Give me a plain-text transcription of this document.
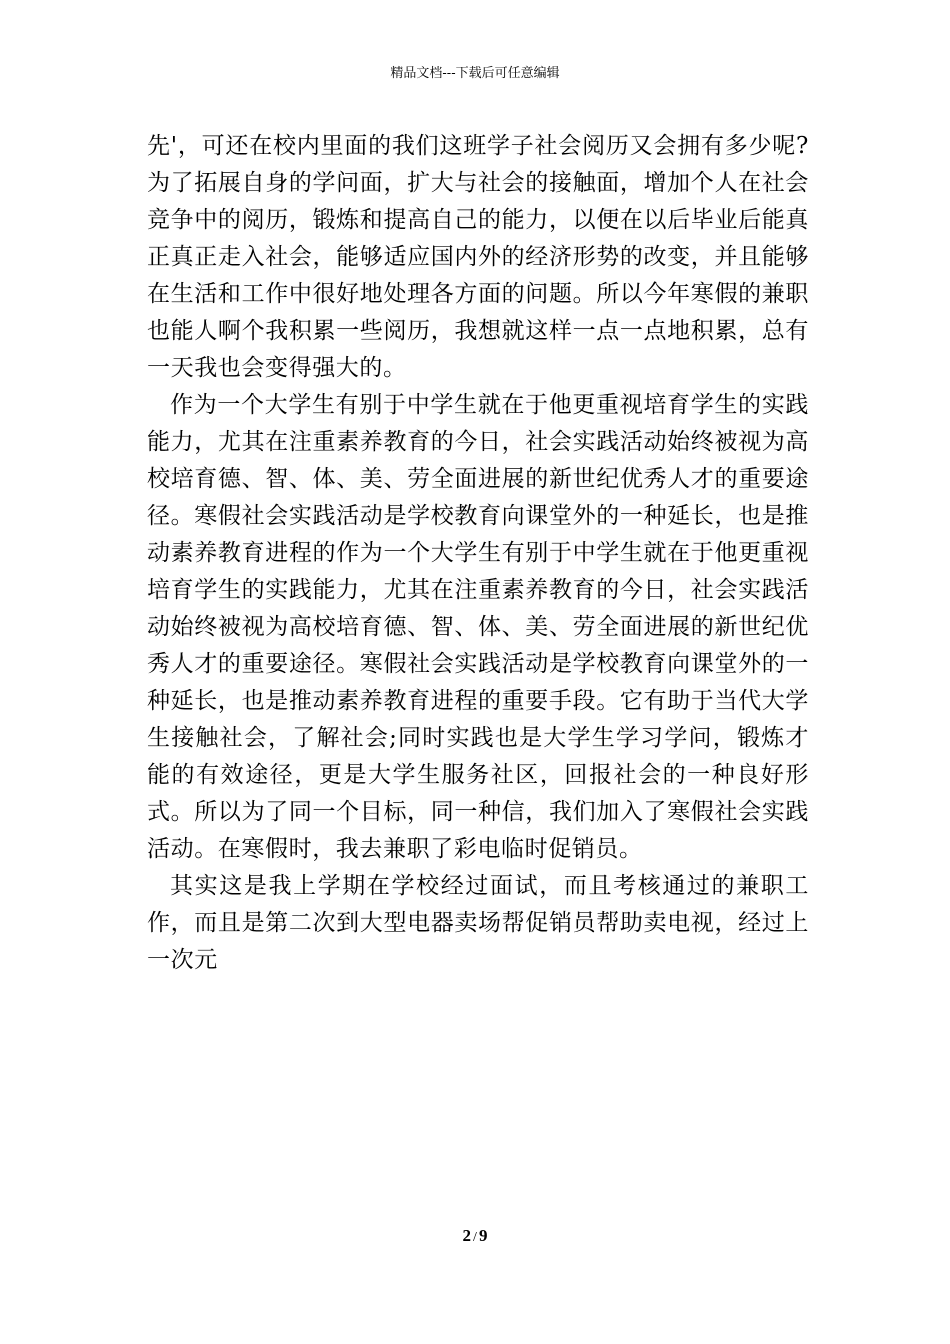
精品文档---下载后可任意编辑

先'，可还在校内里面的我们这班学子社会阅历又会拥有多少呢?为了拓展自身的学问面，扩大与社会的接触面，增加个人在社会竞争中的阅历，锻炼和提高自己的能力，以便在以后毕业后能真正真正走入社会，能够适应国内外的经济形势的改变，并且能够在生活和工作中很好地处理各方面的问题。所以今年寒假的兼职也能人啊个我积累一些阅历，我想就这样一点一点地积累，总有一天我也会变得强大的。

作为一个大学生有别于中学生就在于他更重视培育学生的实践能力，尤其在注重素养教育的今日，社会实践活动始终被视为高校培育德、智、体、美、劳全面进展的新世纪优秀人才的重要途径。寒假社会实践活动是学校教育向课堂外的一种延长，也是推动素养教育进程的作为一个大学生有别于中学生就在于他更重视培育学生的实践能力，尤其在注重素养教育的今日，社会实践活动始终被视为高校培育德、智、体、美、劳全面进展的新世纪优秀人才的重要途径。寒假社会实践活动是学校教育向课堂外的一种延长，也是推动素养教育进程的重要手段。它有助于当代大学生接触社会，了解社会;同时实践也是大学生学习学问，锻炼才能的有效途径，更是大学生服务社区，回报社会的一种良好形式。所以为了同一个目标，同一种信，我们加入了寒假社会实践活动。在寒假时，我去兼职了彩电临时促销员。

其实这是我上学期在学校经过面试，而且考核通过的兼职工作，而且是第二次到大型电器卖场帮促销员帮助卖电视，经过上一次元

2 / 9
